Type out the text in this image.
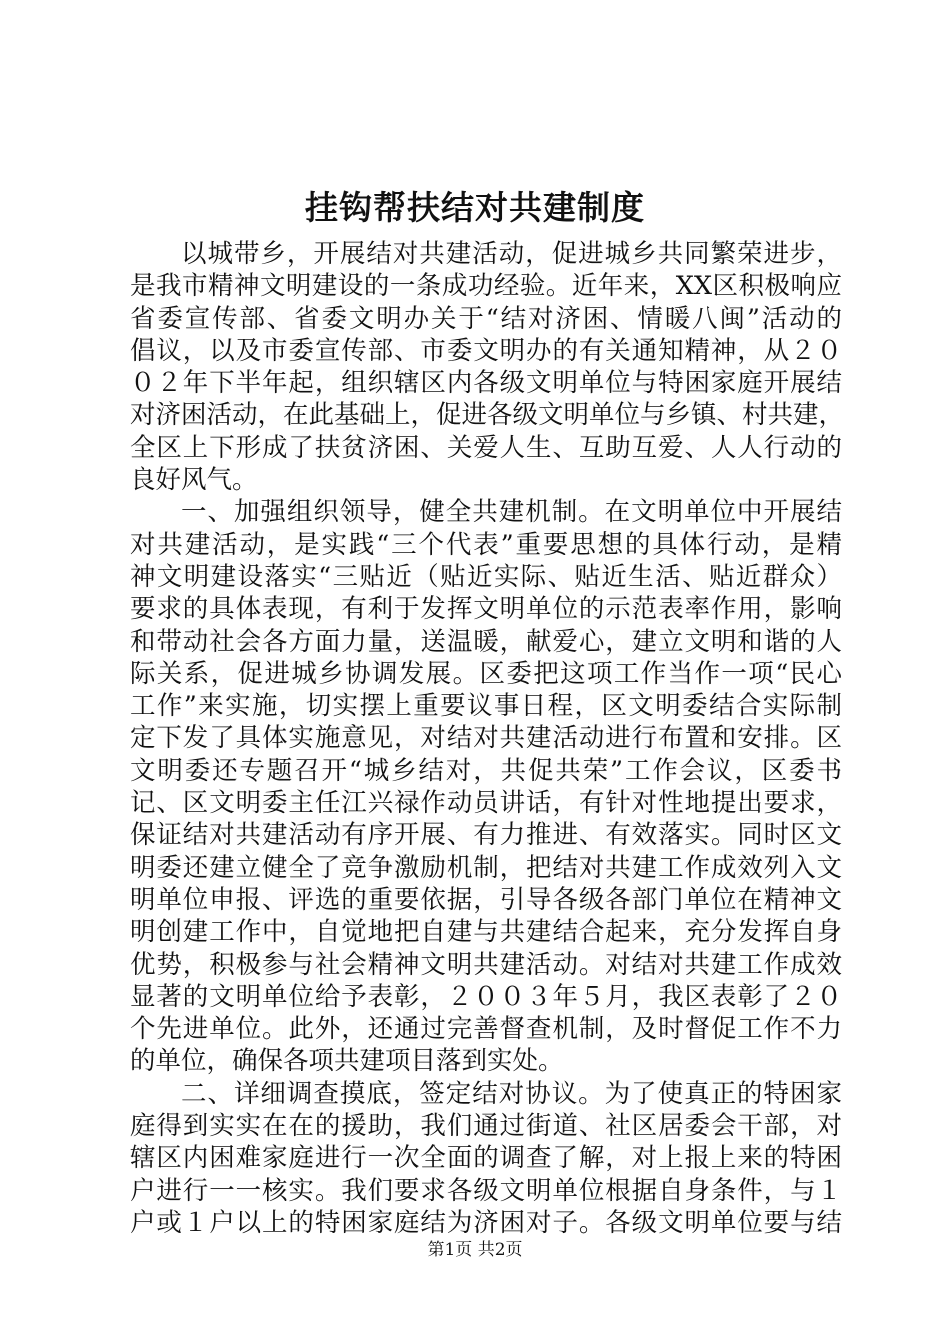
挂钩帮扶结对共建制度
以城带乡，开展结对共建活动，促进城乡共同繁荣进步，
是我市精神文明建设的一条成功经验。近年来，XX区积极响应
省委宣传部、省委文明办关于“结对济困、情暖八闽”活动的
倡议，以及市委宣传部、市委文明办的有关通知精神，从２０
０２年下半年起，组织辖区内各级文明单位与特困家庭开展结
对济困活动，在此基础上，促进各级文明单位与乡镇、村共建，
全区上下形成了扶贫济困、关爱人生、互助互爱、人人行动的
良好风气。
一、加强组织领导，健全共建机制。在文明单位中开展结
对共建活动，是实践“三个代表”重要思想的具体行动，是精
神文明建设落实“三贴近（贴近实际、贴近生活、贴近群众）
要求的具体表现，有利于发挥文明单位的示范表率作用，影响
和带动社会各方面力量，送温暖，献爱心，建立文明和谐的人
际关系，促进城乡协调发展。区委把这项工作当作一项“民心
工作”来实施，切实摆上重要议事日程，区文明委结合实际制
定下发了具体实施意见，对结对共建活动进行布置和安排。区
文明委还专题召开“城乡结对，共促共荣”工作会议，区委书
记、区文明委主任江兴禄作动员讲话，有针对性地提出要求，
保证结对共建活动有序开展、有力推进、有效落实。同时区文
明委还建立健全了竞争激励机制，把结对共建工作成效列入文
明单位申报、评选的重要依据，引导各级各部门单位在精神文
明创建工作中，自觉地把自建与共建结合起来，充分发挥自身
优势，积极参与社会精神文明共建活动。对结对共建工作成效
显著的文明单位给予表彰，２００３年５月，我区表彰了２０
个先进单位。此外，还通过完善督查机制，及时督促工作不力
的单位，确保各项共建项目落到实处。
二、详细调查摸底，签定结对协议。为了使真正的特困家
庭得到实实在在的援助，我们通过街道、社区居委会干部，对
辖区内困难家庭进行一次全面的调查了解，对上报上来的特困
户进行一一核实。我们要求各级文明单位根据自身条件，与１
户或１户以上的特困家庭结为济困对子。各级文明单位要与结
第1页 共2页
